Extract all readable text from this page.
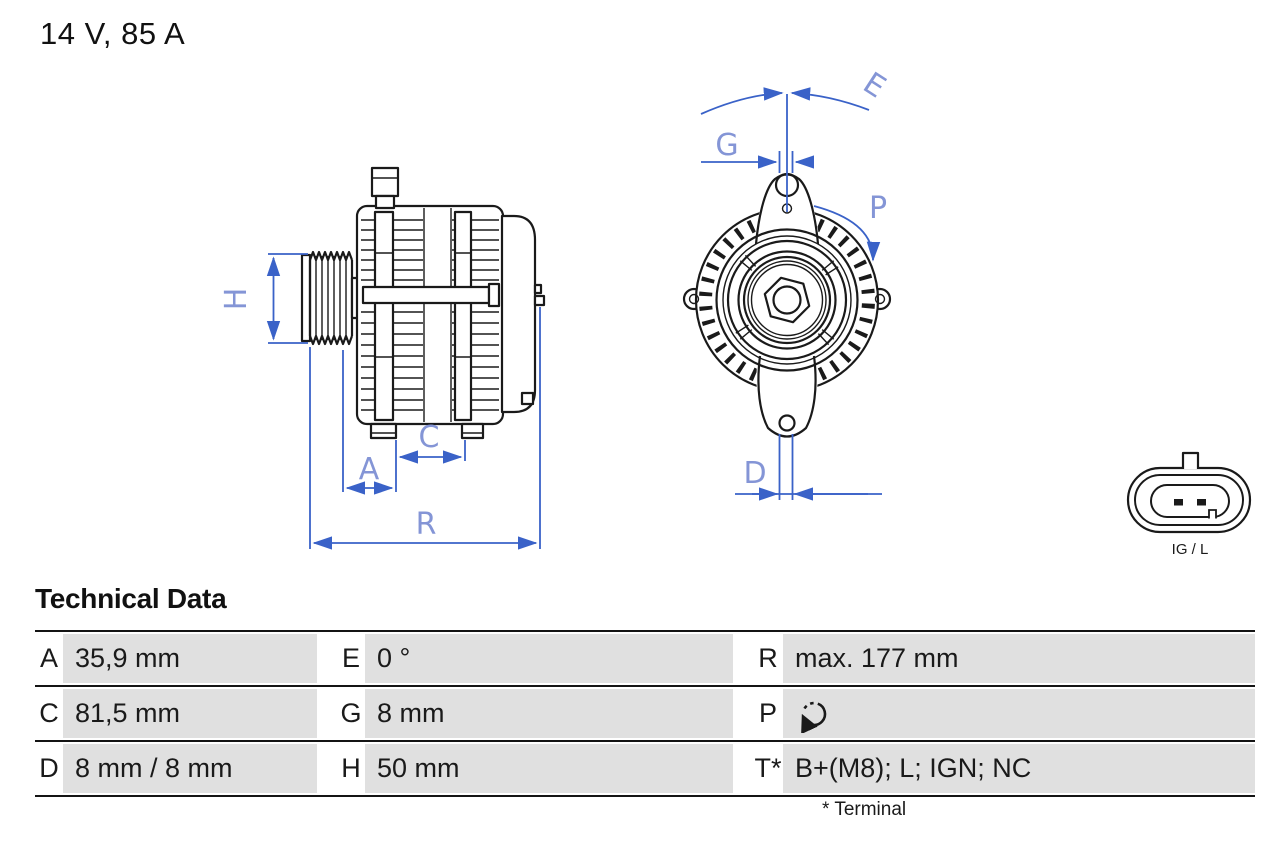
14 V, 85 A
H
A
C
R
E
G
P
D
IG / L
Technical Data
A 35,9 mm	E 0 °	R max. 177 mm
C 81,5 mm	G 8 mm	P
D 8 mm / 8 mm	H 50 mm	T* B+(M8); L; IGN; NC
* Terminal
